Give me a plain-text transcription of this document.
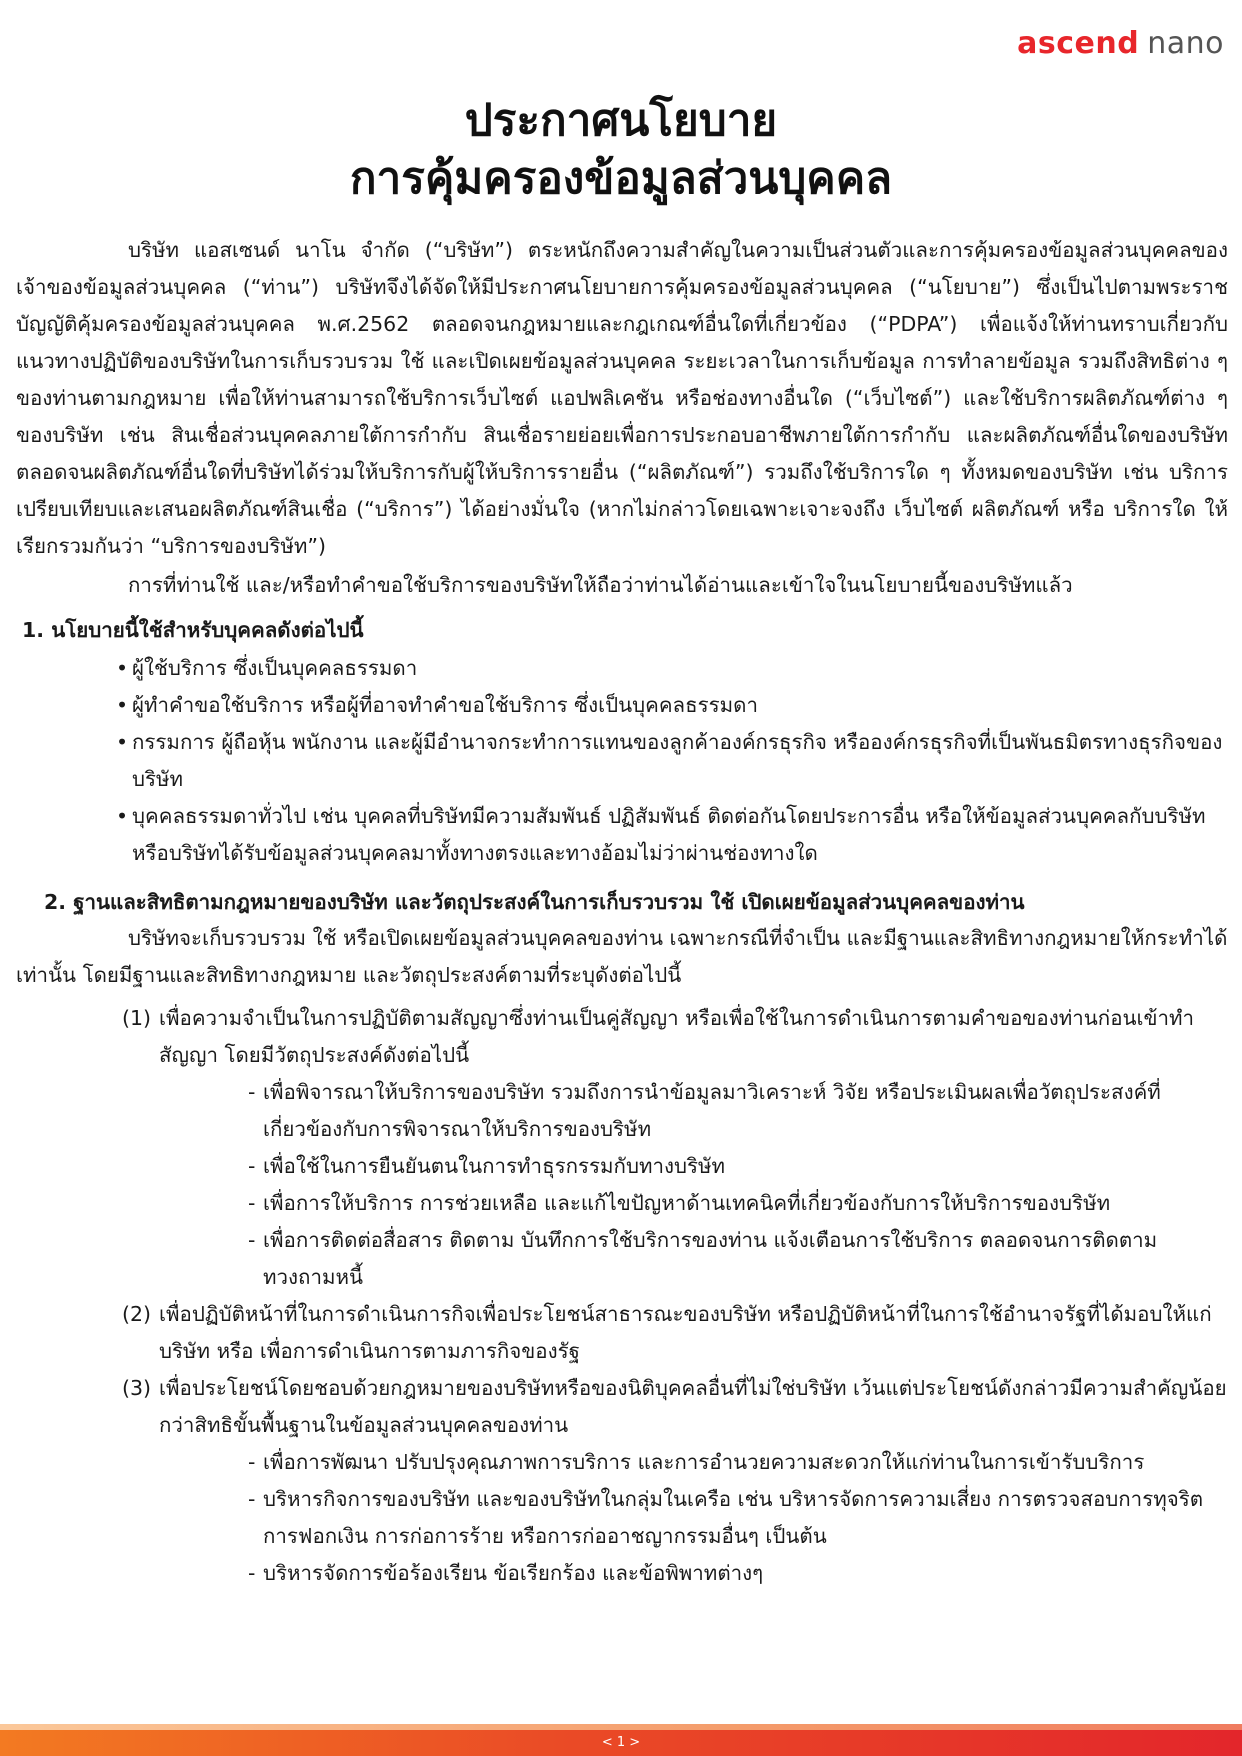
ascend nano
ประกาศนโยบาย
การคุ้มครองข้อมูลส่วนบุคคล

บริษัท แอสเซนด์ นาโน จำกัด (“บริษัท”) ตระหนักถึงความสำคัญในความเป็นส่วนตัวและการคุ้มครองข้อมูลส่วนบุคคลของเจ้าของข้อมูลส่วนบุคคล (“ท่าน”) บริษัทจึงได้จัดให้มีประกาศนโยบายการคุ้มครองข้อมูลส่วนบุคคล (“นโยบาย”) ซึ่งเป็นไปตามพระราชบัญญัติคุ้มครองข้อมูลส่วนบุคคล พ.ศ.2562 ตลอดจนกฎหมายและกฎเกณฑ์อื่นใดที่เกี่ยวข้อง (“PDPA”) เพื่อแจ้งให้ท่านทราบเกี่ยวกับแนวทางปฏิบัติของบริษัทในการเก็บรวบรวม ใช้ และเปิดเผยข้อมูลส่วนบุคคล ระยะเวลาในการเก็บข้อมูล การทำลายข้อมูล รวมถึงสิทธิต่าง ๆ ของท่านตามกฎหมาย เพื่อให้ท่านสามารถใช้บริการเว็บไซต์ แอปพลิเคชัน หรือช่องทางอื่นใด (“เว็บไซต์”) และใช้บริการผลิตภัณฑ์ต่าง ๆ ของบริษัท เช่น สินเชื่อส่วนบุคคลภายใต้การกำกับ สินเชื่อรายย่อยเพื่อการประกอบอาชีพภายใต้การกำกับ และผลิตภัณฑ์อื่นใดของบริษัท ตลอดจนผลิตภัณฑ์อื่นใดที่บริษัทได้ร่วมให้บริการกับผู้ให้บริการรายอื่น (“ผลิตภัณฑ์”) รวมถึงใช้บริการใด ๆ ทั้งหมดของบริษัท เช่น บริการเปรียบเทียบและเสนอผลิตภัณฑ์สินเชื่อ (“บริการ”) ได้อย่างมั่นใจ (หากไม่กล่าวโดยเฉพาะเจาะจงถึง เว็บไซต์ ผลิตภัณฑ์ หรือ บริการใด ให้เรียกรวมกันว่า “บริการของบริษัท”)

การที่ท่านใช้ และ/หรือทำคำขอใช้บริการของบริษัทให้ถือว่าท่านได้อ่านและเข้าใจในนโยบายนี้ของบริษัทแล้ว

1. นโยบายนี้ใช้สำหรับบุคคลดังต่อไปนี้
• ผู้ใช้บริการ ซึ่งเป็นบุคคลธรรมดา
• ผู้ทำคำขอใช้บริการ หรือผู้ที่อาจทำคำขอใช้บริการ ซึ่งเป็นบุคคลธรรมดา
• กรรมการ ผู้ถือหุ้น พนักงาน และผู้มีอำนาจกระทำการแทนของลูกค้าองค์กรธุรกิจ หรือองค์กรธุรกิจที่เป็นพันธมิตรทางธุรกิจของบริษัท
• บุคคลธรรมดาทั่วไป เช่น บุคคลที่บริษัทมีความสัมพันธ์ ปฏิสัมพันธ์ ติดต่อกันโดยประการอื่น หรือให้ข้อมูลส่วนบุคคลกับบริษัท หรือบริษัทได้รับข้อมูลส่วนบุคคลมาทั้งทางตรงและทางอ้อมไม่ว่าผ่านช่องทางใด
2. ฐานและสิทธิตามกฎหมายของบริษัท และวัตถุประสงค์ในการเก็บรวบรวม ใช้ เปิดเผยข้อมูลส่วนบุคคลของท่าน

บริษัทจะเก็บรวบรวม ใช้ หรือเปิดเผยข้อมูลส่วนบุคคลของท่าน เฉพาะกรณีที่จำเป็น และมีฐานและสิทธิทางกฎหมายให้กระทำได้เท่านั้น โดยมีฐานและสิทธิทางกฎหมาย และวัตถุประสงค์ตามที่ระบุดังต่อไปนี้

(1) เพื่อความจำเป็นในการปฏิบัติตามสัญญาซึ่งท่านเป็นคู่สัญญา หรือเพื่อใช้ในการดำเนินการตามคำขอของท่านก่อนเข้าทำสัญญา โดยมีวัตถุประสงค์ดังต่อไปนี้
- เพื่อพิจารณาให้บริการของบริษัท รวมถึงการนำข้อมูลมาวิเคราะห์ วิจัย หรือประเมินผลเพื่อวัตถุประสงค์ที่เกี่ยวข้องกับการพิจารณาให้บริการของบริษัท
- เพื่อใช้ในการยืนยันตนในการทำธุรกรรมกับทางบริษัท
- เพื่อการให้บริการ การช่วยเหลือ และแก้ไขปัญหาด้านเทคนิคที่เกี่ยวข้องกับการให้บริการของบริษัท
- เพื่อการติดต่อสื่อสาร ติดตาม บันทึกการใช้บริการของท่าน แจ้งเตือนการใช้บริการ ตลอดจนการติดตามทวงถามหนี้
(2) เพื่อปฏิบัติหน้าที่ในการดำเนินการกิจเพื่อประโยชน์สาธารณะของบริษัท หรือปฏิบัติหน้าที่ในการใช้อำนาจรัฐที่ได้มอบให้แก่บริษัท หรือ เพื่อการดำเนินการตามภารกิจของรัฐ
(3) เพื่อประโยชน์โดยชอบด้วยกฎหมายของบริษัทหรือของนิติบุคคลอื่นที่ไม่ใช่บริษัท เว้นแต่ประโยชน์ดังกล่าวมีความสำคัญน้อยกว่าสิทธิขั้นพื้นฐานในข้อมูลส่วนบุคคลของท่าน
- เพื่อการพัฒนา ปรับปรุงคุณภาพการบริการ และการอำนวยความสะดวกให้แก่ท่านในการเข้ารับบริการ
- บริหารกิจการของบริษัท และของบริษัทในกลุ่มในเครือ เช่น บริหารจัดการความเสี่ยง การตรวจสอบการทุจริต การฟอกเงิน การก่อการร้าย หรือการก่ออาชญากรรมอื่นๆ เป็นต้น
- บริหารจัดการข้อร้องเรียน ข้อเรียกร้อง และข้อพิพาทต่างๆ
< 1 >
